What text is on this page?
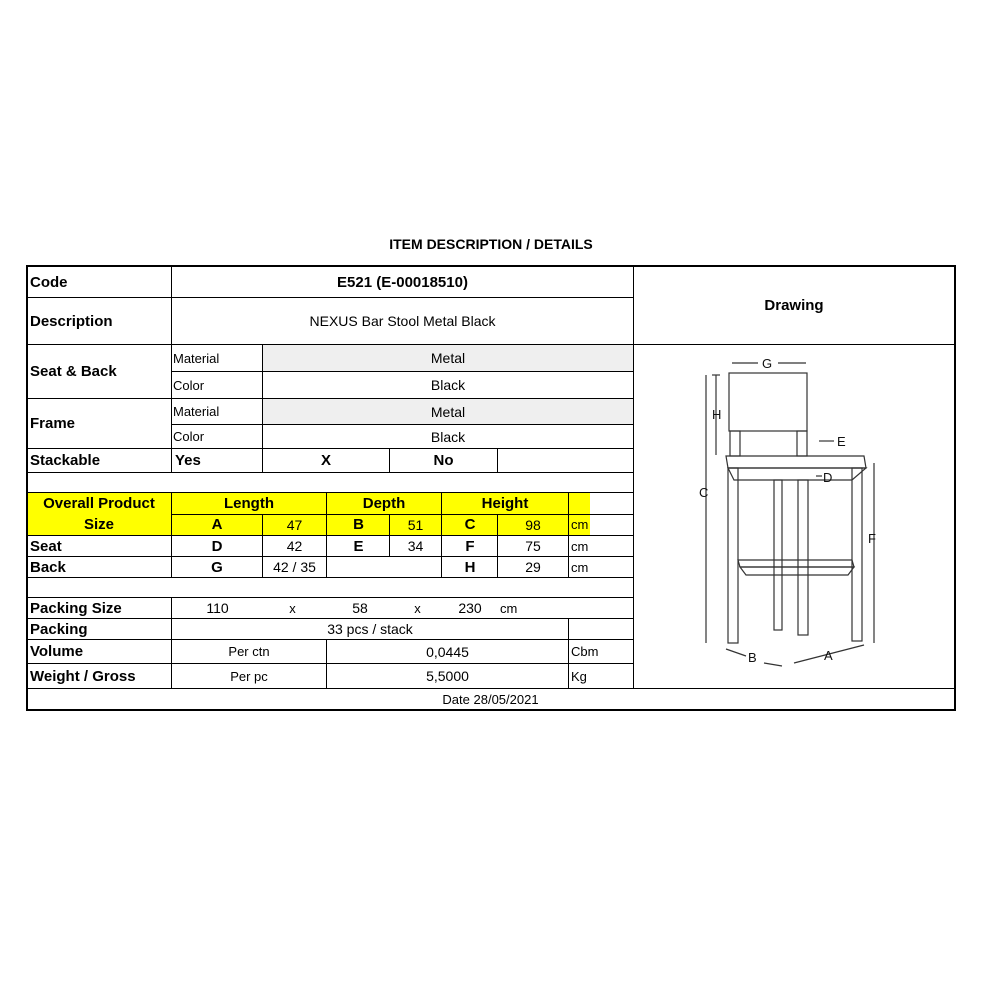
ITEM DESCRIPTION / DETAILS
Code	E521 (E-00018510)
Drawing
Description	NEXUS Bar Stool Metal Black
Seat & Back
Material	Metal
Color	Black
Frame
Material	Metal
Color	Black
Stackable	Yes	X	No
Overall Product
Size
Length	Depth	Height
A	47	B	51	C	98	cm
Seat	D	42	E	34	F	75	cm
Back	G	42 / 35	H	29	cm
Packing Size	110	x	58	x	230	cm
Packing	33 pcs / stack
Volume	Per ctn	0,0445	Cbm
Weight / Gross	Per pc	5,5000	Kg
Date 28/05/2021
G
H
E
D
C
F
B	A
